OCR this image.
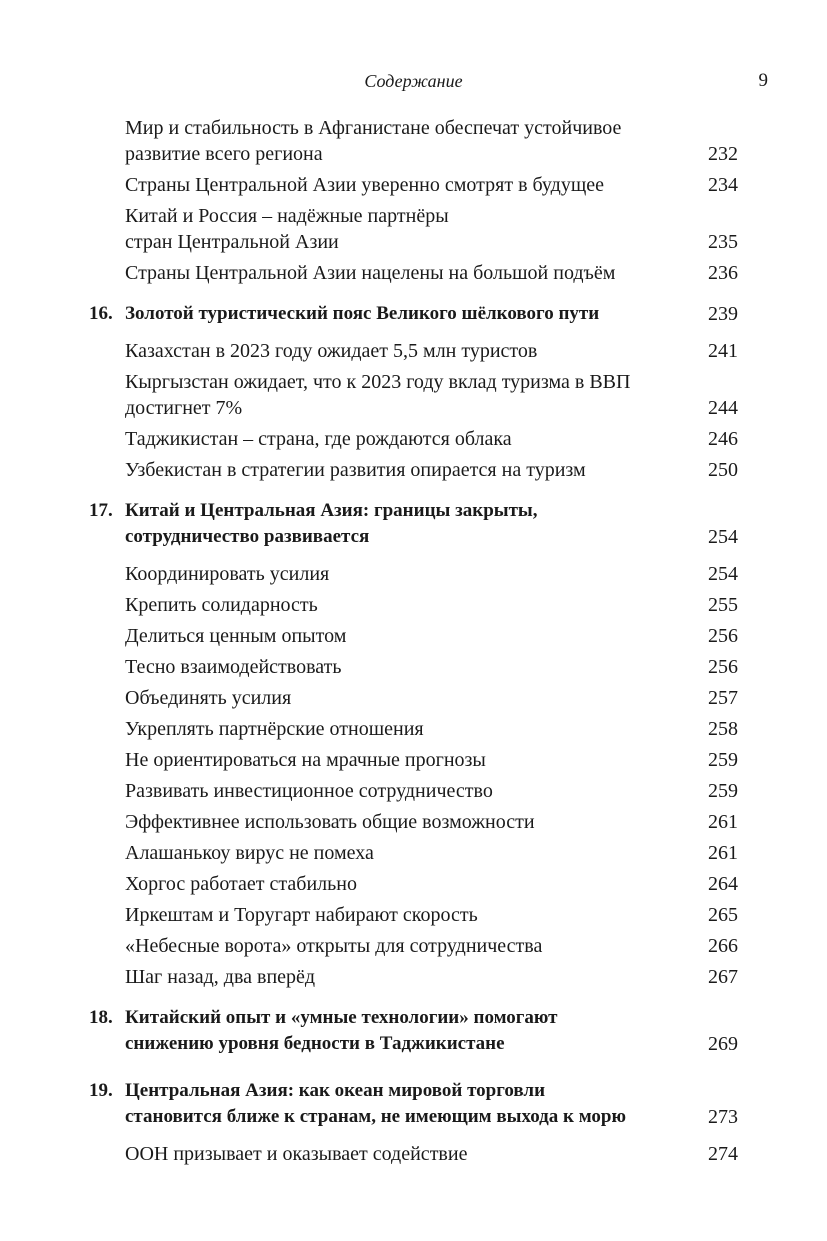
Содержание	9
Мир и стабильность в Афганистане обеспечат устойчивое
развитие всего региона	232
Страны Центральной Азии уверенно смотрят в будущее	234
Китай и Россия – надёжные партнёры
стран Центральной Азии	235
Страны Центральной Азии нацелены на большой подъём	236
16. Золотой туристический пояс Великого шёлкового пути	239
Казахстан в 2023 году ожидает 5,5 млн туристов	241
Кыргызстан ожидает, что к 2023 году вклад туризма в ВВП
достигнет 7%	244
Таджикистан – страна, где рождаются облака	246
Узбекистан в стратегии развития опирается на туризм	250
17. Китай и Центральная Азия: границы закрыты,
сотрудничество развивается	254
Координировать усилия	254
Крепить солидарность	255
Делиться ценным опытом	256
Тесно взаимодействовать	256
Объединять усилия	257
Укреплять партнёрские отношения	258
Не ориентироваться на мрачные прогнозы	259
Развивать инвестиционное сотрудничество	259
Эффективнее использовать общие возможности	261
Алашанькоу вирус не помеха	261
Хоргос работает стабильно	264
Иркештам и Торугарт набирают скорость	265
«Небесные ворота» открыты для сотрудничества	266
Шаг назад, два вперёд	267
18. Китайский опыт и «умные технологии» помогают
снижению уровня бедности в Таджикистане	269
19. Центральная Азия: как океан мировой торговли
становится ближе к странам, не имеющим выхода к морю	273
ООН призывает и оказывает содействие	274
